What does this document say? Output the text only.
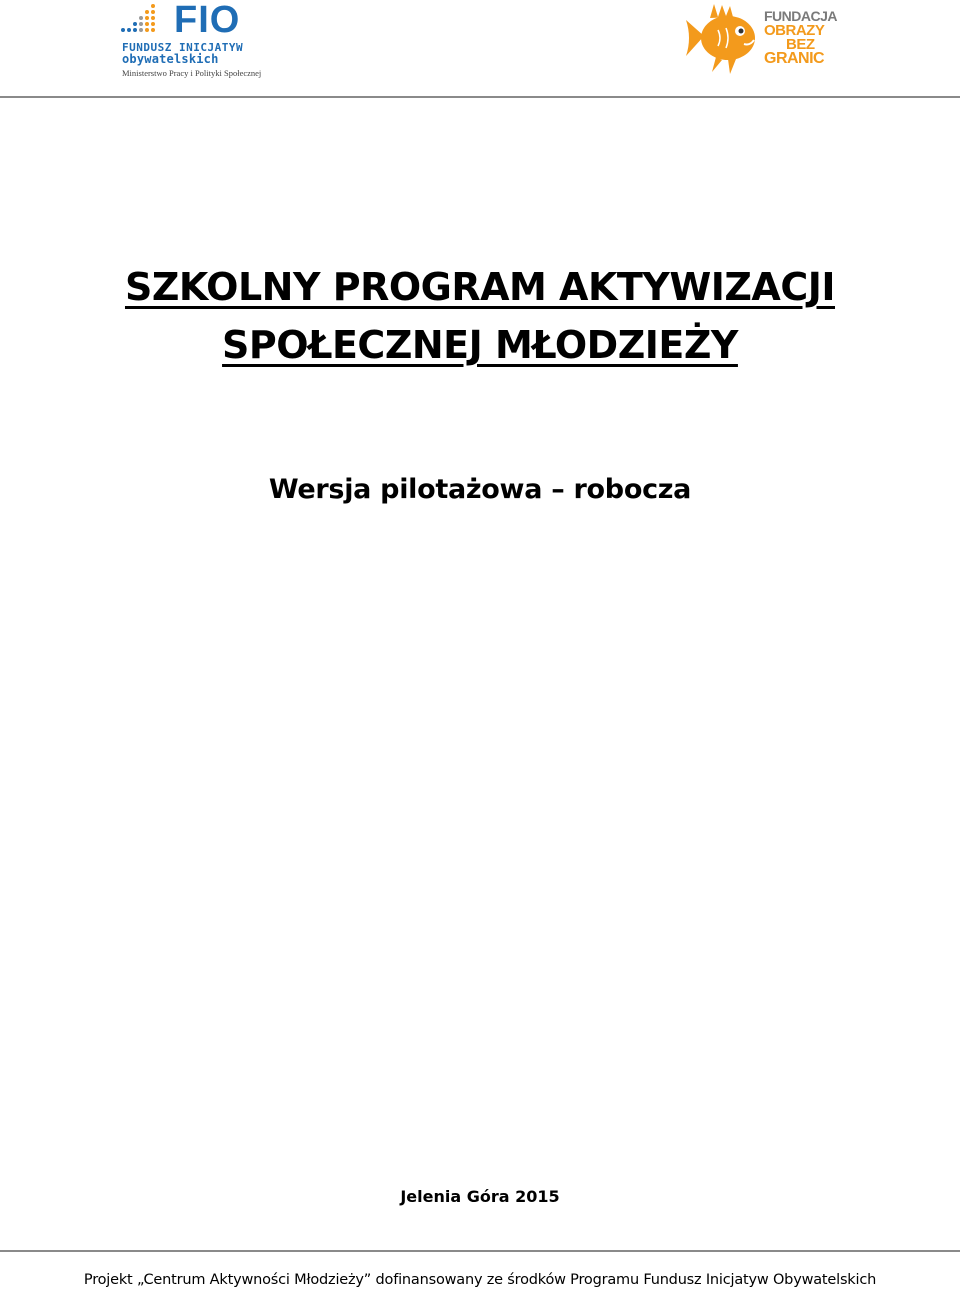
FIO
FUNDUSZ INICJATYW
obywatelskich
Ministerstwo Pracy i Polityki Społecznej
FUNDACJA
OBRAZY
BEZ
GRANIC
SZKOLNY PROGRAM AKTYWIZACJI
SPOŁECZNEJ MŁODZIEŻY
Wersja pilotażowa – robocza
Jelenia Góra 2015
Projekt „Centrum Aktywności Młodzieży” dofinansowany ze środków Programu Fundusz Inicjatyw Obywatelskich
